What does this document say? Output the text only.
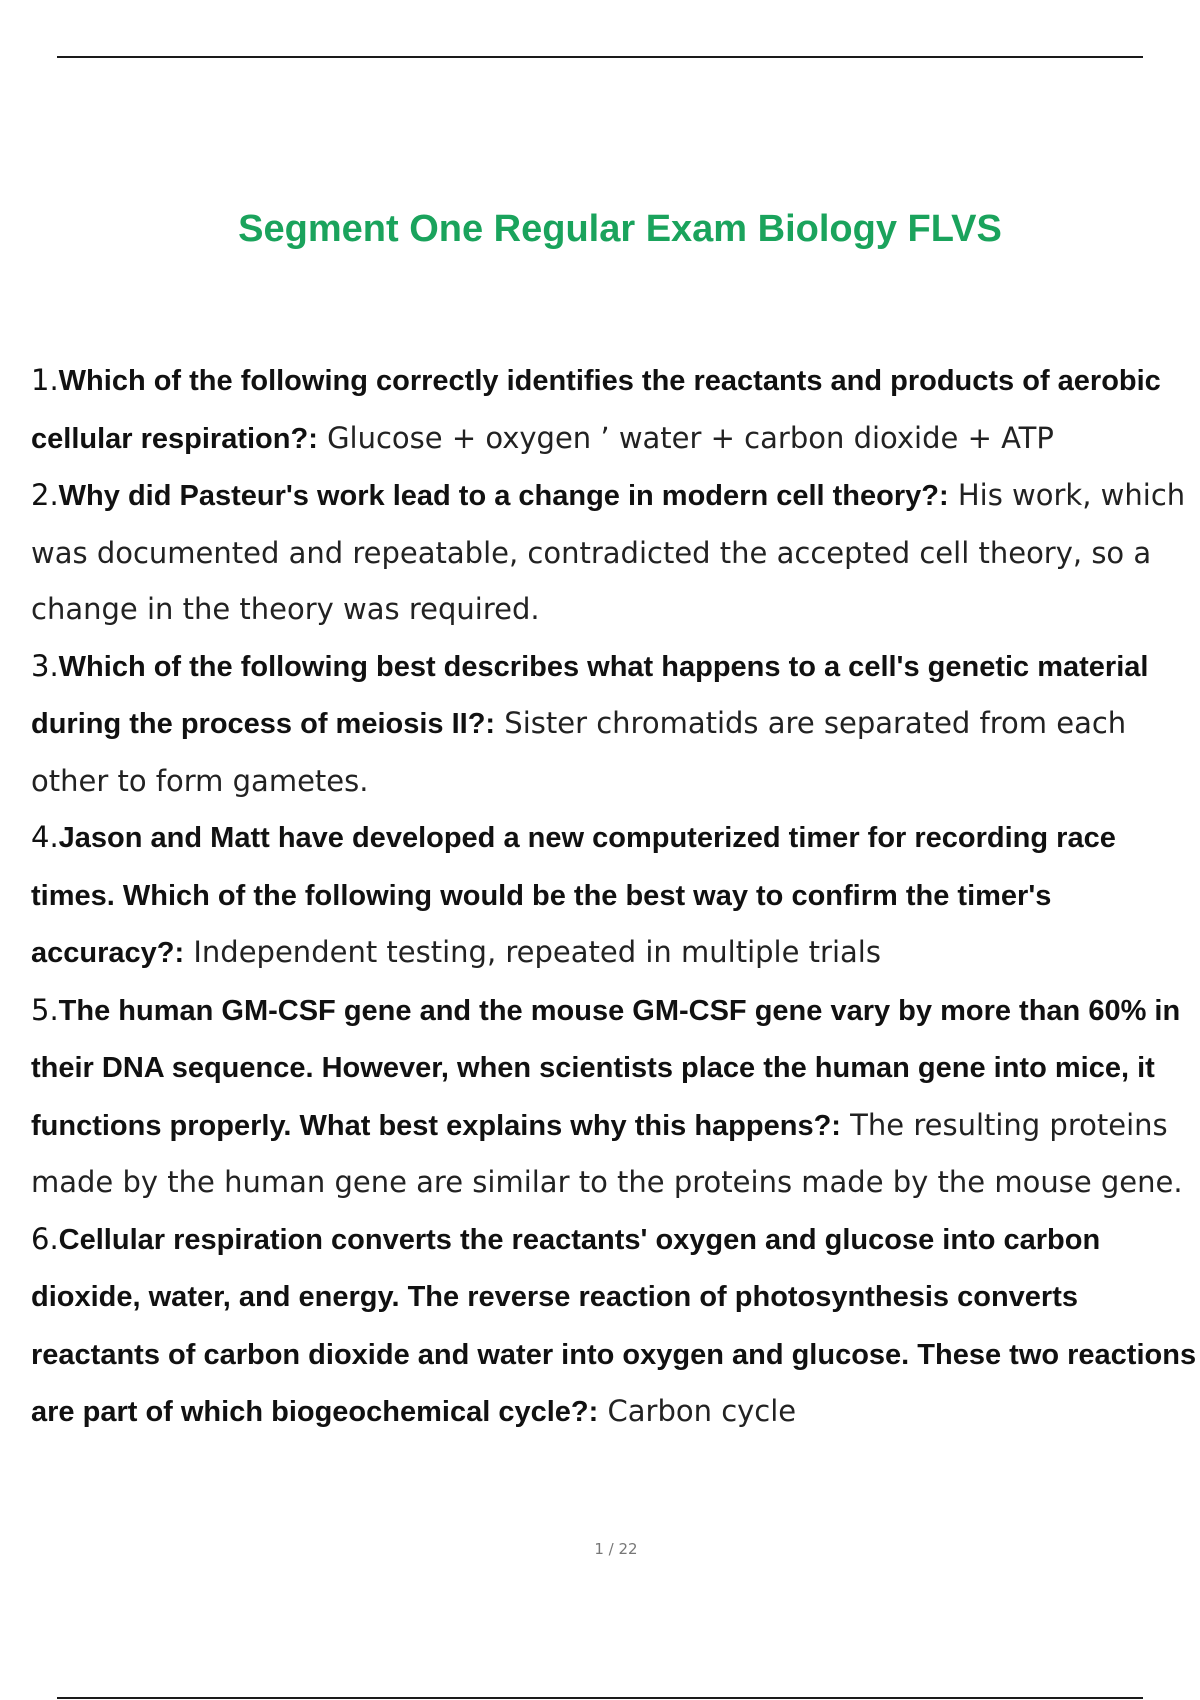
Segment One Regular Exam Biology FLVS
1.Which of the following correctly identifies the reactants and products of aerobic cellular respiration?: Glucose + oxygen ’ water + carbon dioxide + ATP
2.Why did Pasteur's work lead to a change in modern cell theory?: His work, which was documented and repeatable, contradicted the accepted cell theory, so a change in the theory was required.
3.Which of the following best describes what happens to a cell's genetic material during the process of meiosis II?: Sister chromatids are separated from each other to form gametes.
4.Jason and Matt have developed a new computerized timer for recording race times. Which of the following would be the best way to confirm the timer's accuracy?: Independent testing, repeated in multiple trials
5.The human GM-CSF gene and the mouse GM-CSF gene vary by more than 60% in their DNA sequence. However, when scientists place the human gene into mice, it functions properly. What best explains why this happens?: The resulting proteins made by the human gene are similar to the proteins made by the mouse gene.
6.Cellular respiration converts the reactants' oxygen and glucose into carbon dioxide, water, and energy. The reverse reaction of photosynthesis converts reactants of carbon dioxide and water into oxygen and glucose. These two reactions are part of which biogeochemical cycle?: Carbon cycle
1 / 22
